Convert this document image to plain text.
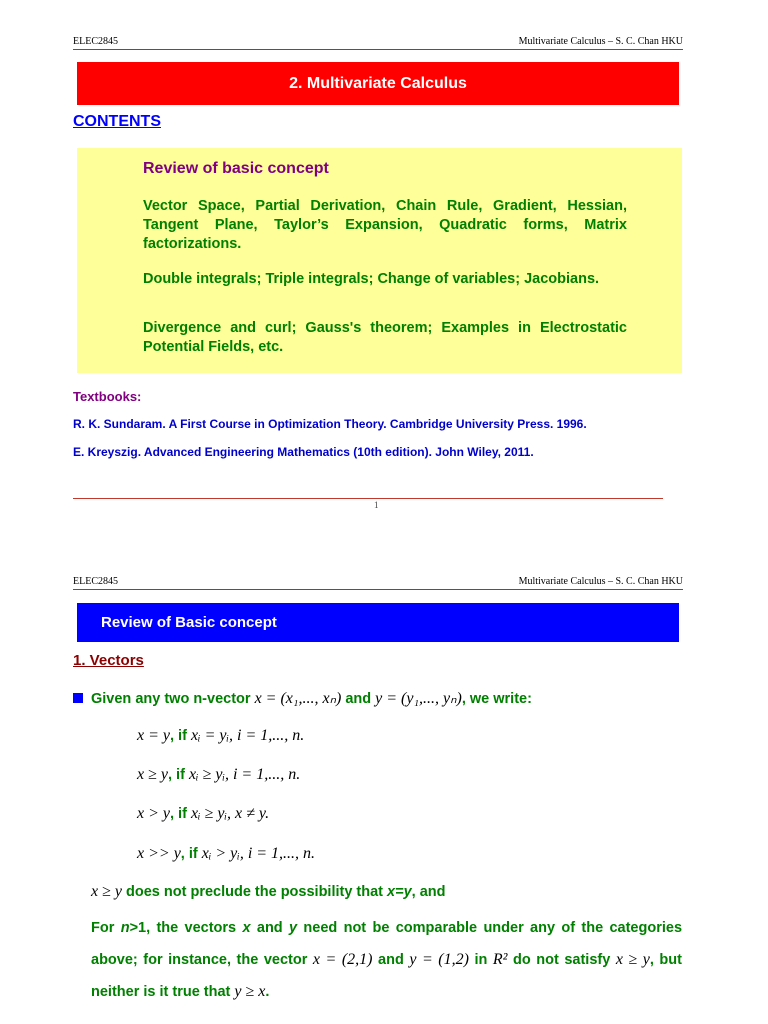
ELEC2845	Multivariate Calculus – S. C. Chan HKU
2. Multivariate Calculus
CONTENTS
Review of basic concept
Vector Space, Partial Derivation, Chain Rule, Gradient, Hessian, Tangent Plane, Taylor’s Expansion, Quadratic forms, Matrix factorizations.
Double integrals; Triple integrals; Change of variables; Jacobians.
Divergence and curl; Gauss's theorem; Examples in Electrostatic Potential Fields, etc.
Textbooks:
R. K. Sundaram. A First Course in Optimization Theory. Cambridge University Press. 1996.
E. Kreyszig. Advanced Engineering Mathematics (10th edition). John Wiley, 2011.
1
ELEC2845	Multivariate Calculus – S. C. Chan HKU
Review of Basic concept
1. Vectors
Given any two n-vector x = (x₁,..., xₙ) and y = (y₁,..., yₙ), we write:
x = y, if xᵢ = yᵢ, i = 1,..., n.
x ≥ y, if xᵢ ≥ yᵢ, i = 1,..., n.
x > y, if xᵢ ≥ yᵢ, x ≠ y.
x >> y, if xᵢ > yᵢ, i = 1,..., n.
x ≥ y does not preclude the possibility that x=y, and
For n>1, the vectors x and y need not be comparable under any of the categories above; for instance, the vector x = (2,1) and y = (1,2) in R² do not satisfy x ≥ y, but neither is it true that y ≥ x.
